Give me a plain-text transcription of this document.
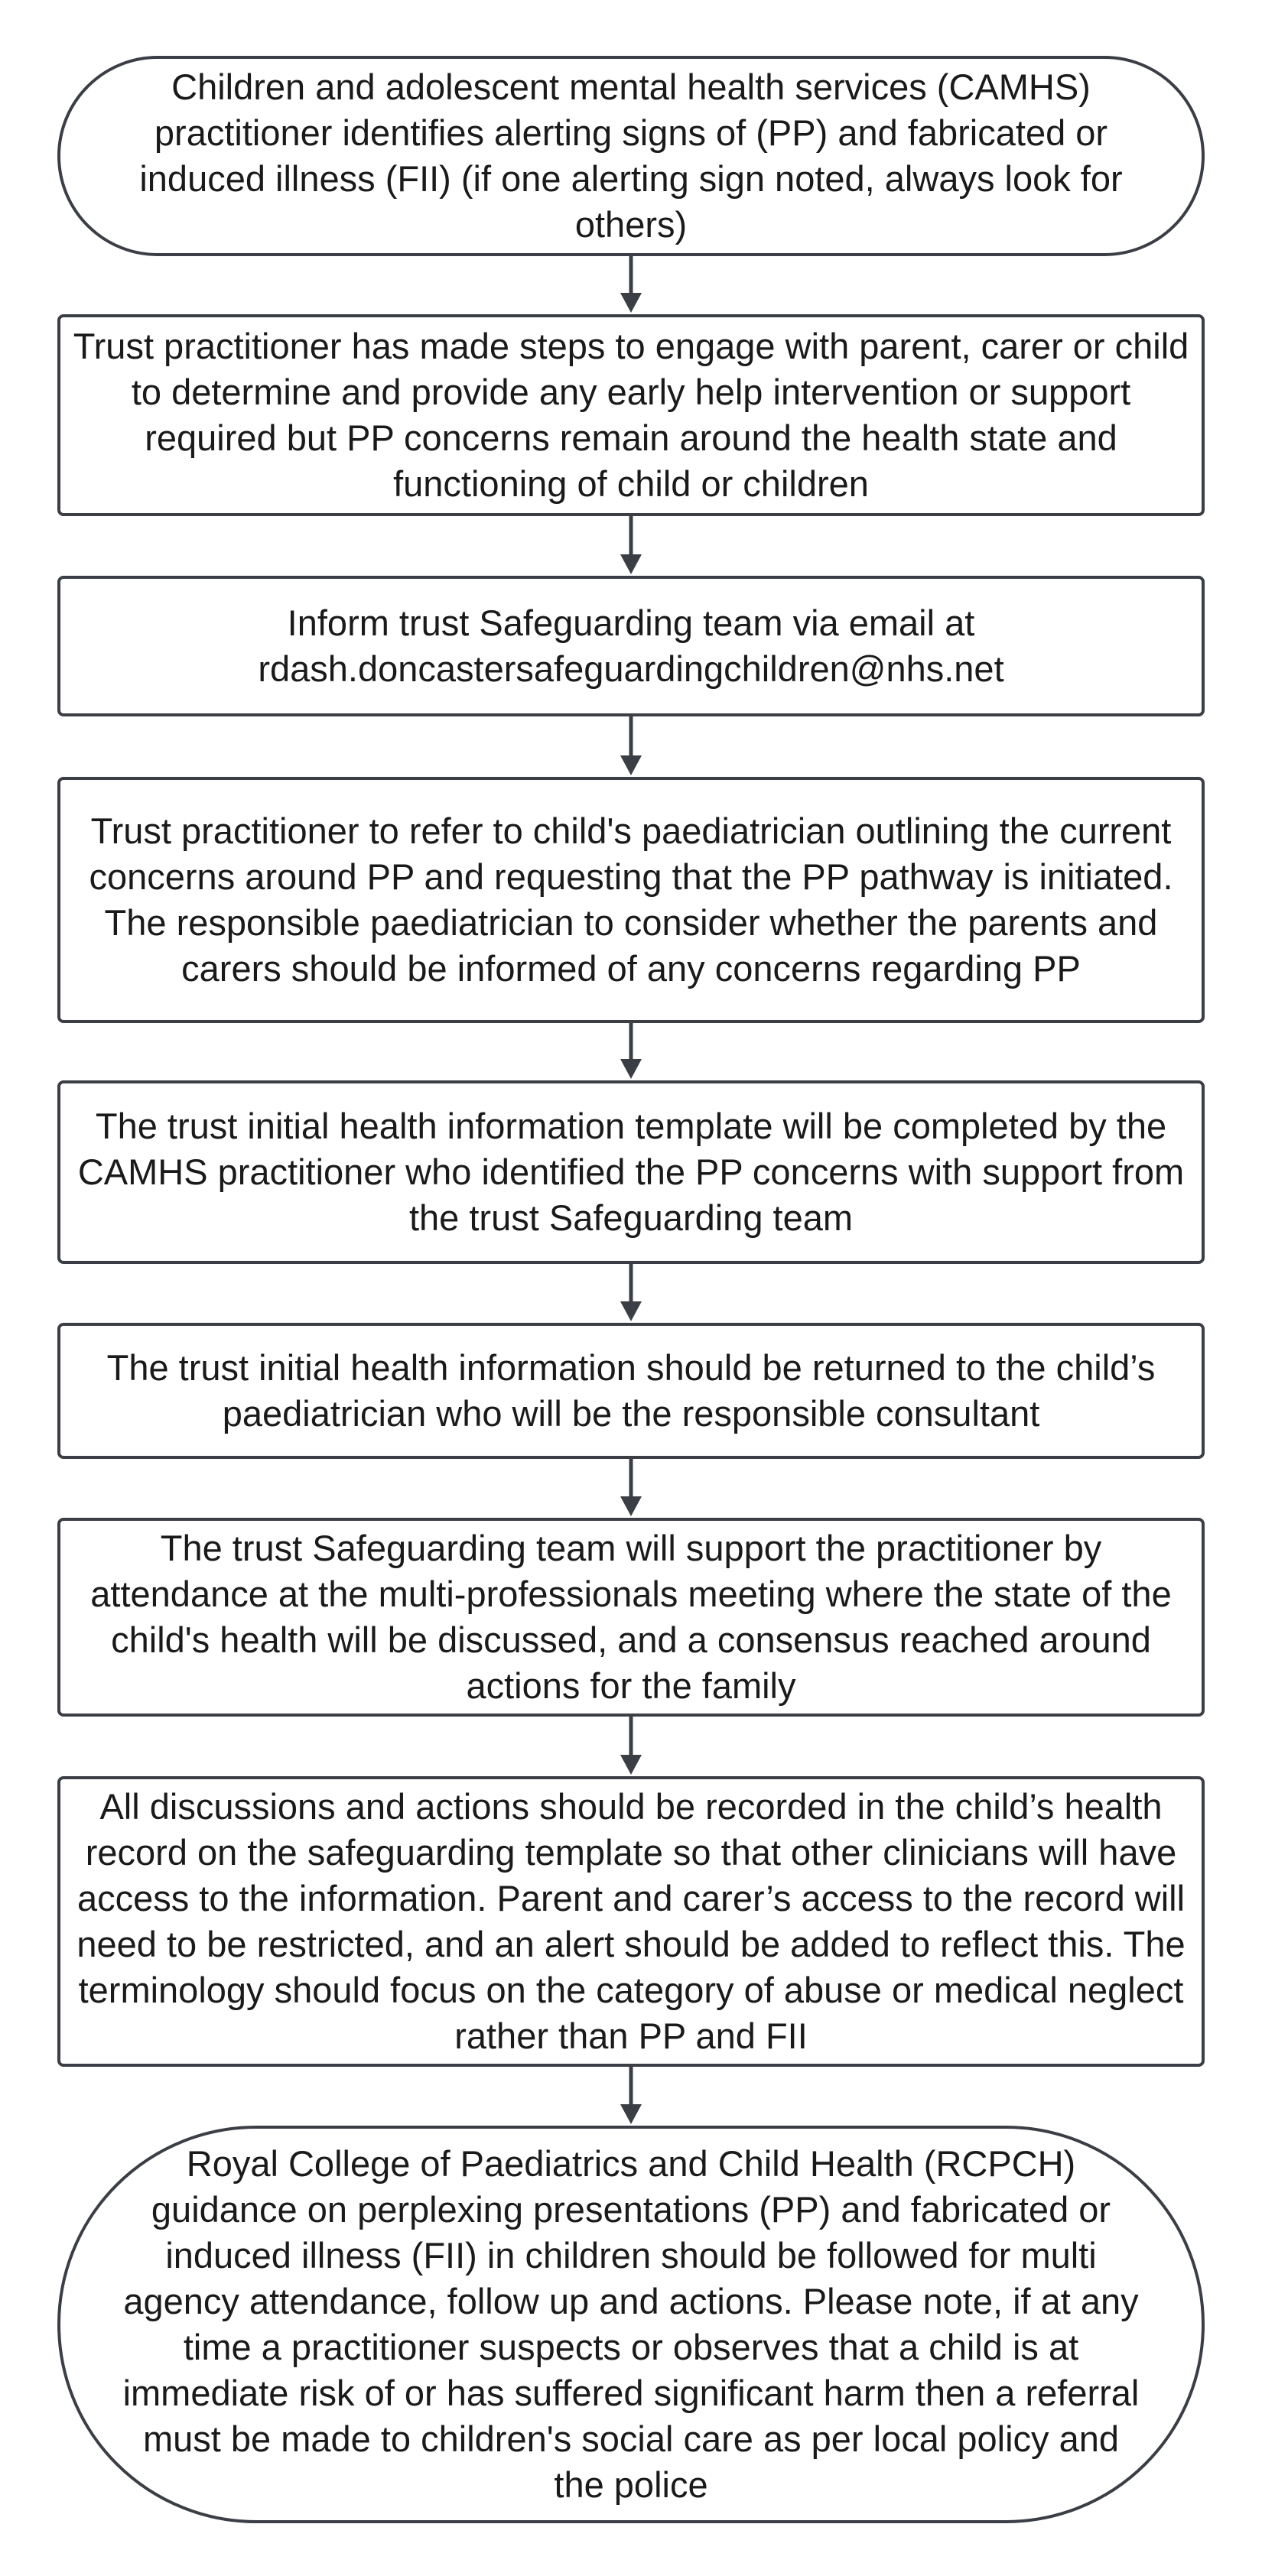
Children and adolescent mental health services (CAMHS) practitioner identifies alerting signs of (PP) and fabricated or induced illness (FII) (if one alerting sign noted, always look for others)
Trust practitioner has made steps to engage with parent, carer or child to determine and provide any early help intervention or support required but PP concerns remain around the health state and functioning of child or children
Inform trust Safeguarding team via email at rdash.doncastersafeguardingchildren@nhs.net
Trust practitioner to refer to child's paediatrician outlining the current concerns around PP and requesting that the PP pathway is initiated. The responsible paediatrician to consider whether the parents and carers should be informed of any concerns regarding PP
The trust initial health information template will be completed by the CAMHS practitioner who identified the PP concerns with support from the trust Safeguarding team
The trust initial health information should be returned to the child’s paediatrician who will be the responsible consultant
The trust Safeguarding team will support the practitioner by attendance at the multi-professionals meeting where the state of the child's health will be discussed, and a consensus reached around actions for the family
All discussions and actions should be recorded in the child’s health record on the safeguarding template so that other clinicians will have access to the information. Parent and carer’s access to the record will need to be restricted, and an alert should be added to reflect this. The terminology should focus on the category of abuse or medical neglect rather than PP and FII
Royal College of Paediatrics and Child Health (RCPCH) guidance on perplexing presentations (PP) and fabricated or induced illness (FII) in children should be followed for multi agency attendance, follow up and actions. Please note, if at any time a practitioner suspects or observes that a child is at immediate risk of or has suffered significant harm then a referral must be made to children's social care as per local policy and the police
